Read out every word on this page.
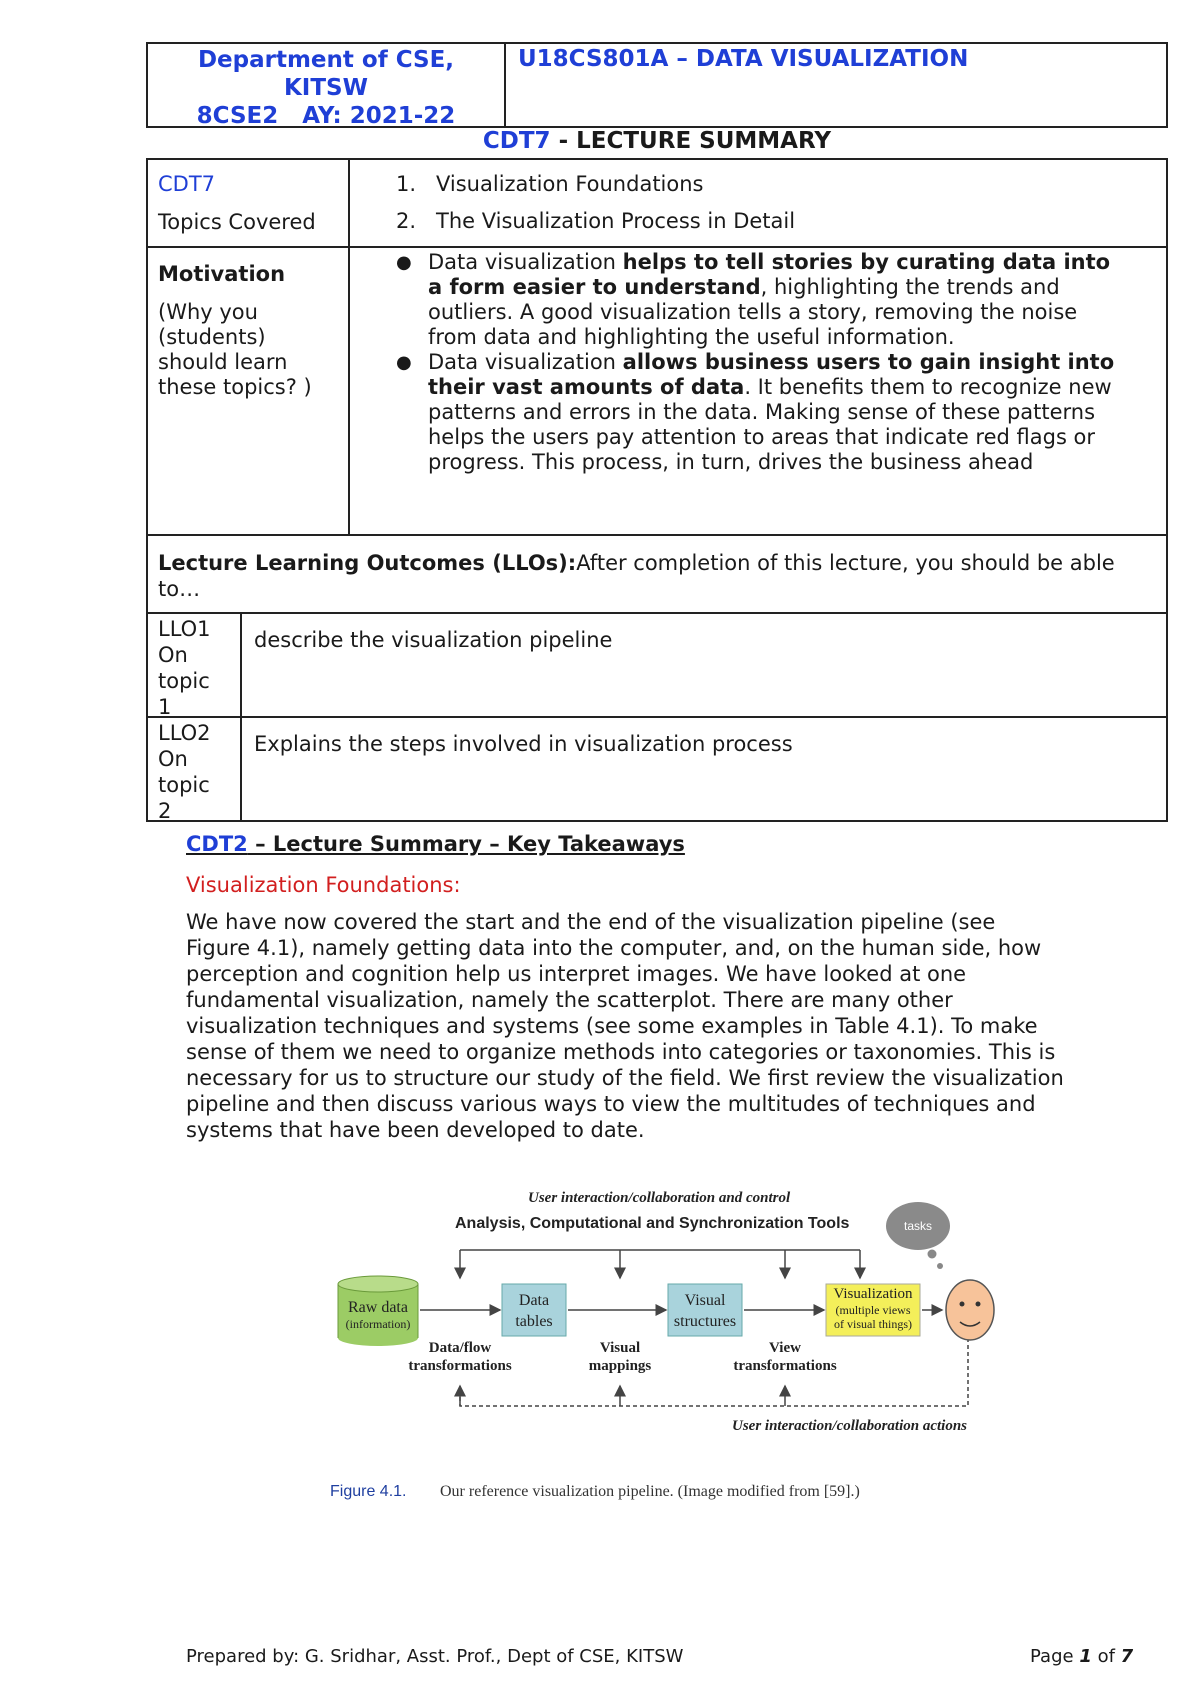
Department of CSE,
KITSW
8CSE2   AY: 2021-22
U18CS801A – DATA VISUALIZATION
CDT7 - LECTURE SUMMARY
CDT7
Topics Covered
1. Visualization Foundations
2. The Visualization Process in Detail
Motivation
(Why you (students) should learn these topics? )
● Data visualization helps to tell stories by curating data into a form easier to understand, highlighting the trends and outliers. A good visualization tells a story, removing the noise from data and highlighting the useful information.
● Data visualization allows business users to gain insight into their vast amounts of data. It benefits them to recognize new patterns and errors in the data. Making sense of these patterns helps the users pay attention to areas that indicate red flags or progress. This process, in turn, drives the business ahead
Lecture Learning Outcomes (LLOs):After completion of this lecture, you should be able to…
LLO1
On
topic
1
describe the visualization pipeline
LLO2
On
topic
2
Explains the steps involved in visualization process
CDT2 – Lecture Summary – Key Takeaways
Visualization Foundations:
We have now covered the start and the end of the visualization pipeline (see Figure 4.1), namely getting data into the computer, and, on the human side, how perception and cognition help us interpret images. We have looked at one fundamental visualization, namely the scatterplot. There are many other visualization techniques and systems (see some examples in Table 4.1). To make sense of them we need to organize methods into categories or taxonomies. This is necessary for us to structure our study of the field. We first review the visualization pipeline and then discuss various ways to view the multitudes of techniques and systems that have been developed to date.
User interaction/collaboration and control
Analysis, Computational and Synchronization Tools
Raw data
(information)
Data
tables
Visual
structures
Visualization
(multiple views
of visual things)
Data/flow
transformations
Visual
mappings
View
transformations
User interaction/collaboration actions
tasks
Figure 4.1. Our reference visualization pipeline. (Image modified from [59].)
Prepared by: G. Sridhar, Asst. Prof., Dept of CSE, KITSW	Page 1 of 7
